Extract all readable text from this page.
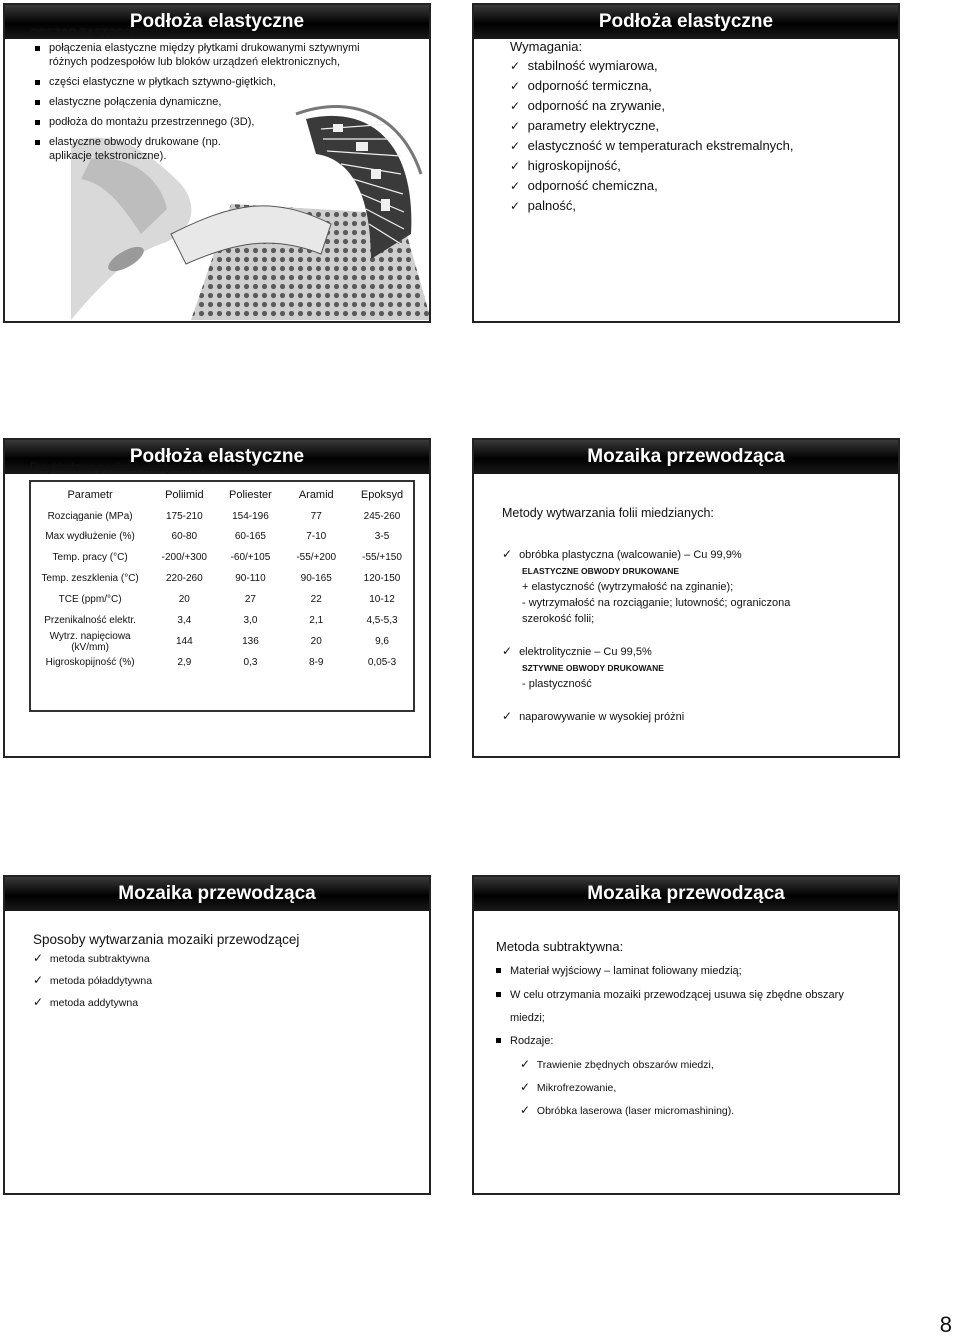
Podłoża elastyczne
OBSZAR ZASTOSOWAŃ:
połączenia elastyczne między płytkami drukowanymi sztywnymi różnych podzespołów lub bloków urządzeń elektronicznych,
części elastyczne w płytkach sztywno-giętkich,
elastyczne połączenia dynamiczne,
podłoża do montażu przestrzennego (3D),
elastyczne obwody drukowane (np. aplikacje tekstroniczne).
Podłoża elastyczne
Wymagania:
✓ stabilność wymiarowa,
✓ odporność termiczna,
✓ odporność na zrywanie,
✓ parametry elektryczne,
✓ elastyczność w temperaturach ekstremalnych,
✓ higroskopijność,
✓ odporność chemiczna,
✓ palność,
Podłoża elastyczne
Przykładowe podłoża elastyczne i ich właściwości:
Parametr	Poliimid	Poliester	Aramid	Epoksyd
Rozciąganie (MPa)	175-210	154-196	77	245-260
Max wydłużenie (%)	60-80	60-165	7-10	3-5
Temp. pracy (°C)	-200/+300	-60/+105	-55/+200	-55/+150
Temp. zeszklenia (°C)	220-260	90-110	90-165	120-150
TCE (ppm/°C)	20	27	22	10-12
Przenikalność elektr.	3,4	3,0	2,1	4,5-5,3
Wytrz. napięciowa (kV/mm)	144	136	20	9,6
Higroskopijność (%)	2,9	0,3	8-9	0,05-3
Mozaika przewodząca
Metody wytwarzania folii miedzianych:
✓ obróbka plastyczna (walcowanie) – Cu 99,9%
ELASTYCZNE OBWODY DRUKOWANE
+ elastyczność (wytrzymałość na zginanie);
- wytrzymałość na rozciąganie; lutowność; ograniczona szerokość folii;
✓ elektrolitycznie – Cu 99,5%
SZTYWNE OBWODY DRUKOWANE
- plastyczność
✓ naparowywanie w wysokiej próżni
Mozaika przewodząca
Sposoby wytwarzania mozaiki przewodzącej
✓ metoda subtraktywna
✓ metoda póładdytywna
✓ metoda addytywna
Mozaika przewodząca
Metoda subtraktywna:
Materiał wyjściowy – laminat foliowany miedzią;
W celu otrzymania mozaiki przewodzącej usuwa się zbędne obszary
miedzi;
Rodzaje:
✓ Trawienie zbędnych obszarów miedzi,
✓ Mikrofrezowanie,
✓ Obróbka laserowa (laser micromashining).
8
